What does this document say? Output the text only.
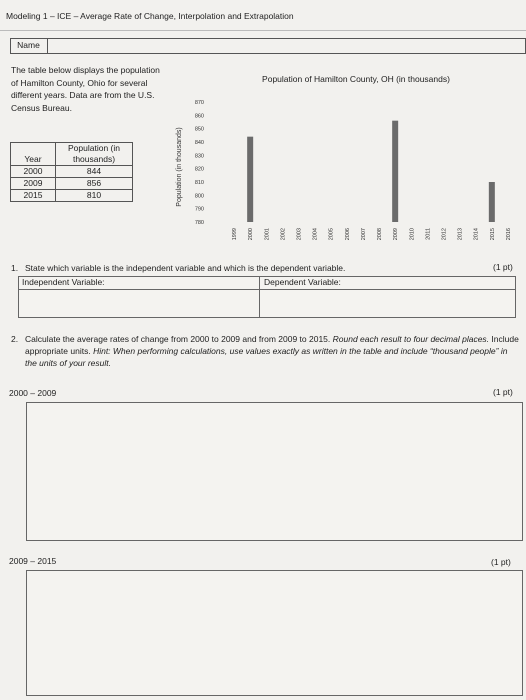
Modeling 1 – ICE – Average Rate of Change, Interpolation and Extrapolation
Name
The table below displays the population of Hamilton County, Ohio for several different years. Data are from the U.S. Census Bureau.
Year	Population (in thousands)
2000	844
2009	856
2015	810
Population of Hamilton County, OH (in thousands)
Population (in thousands)
870
860
850
840
830
820
810
800
790
780
1999 2000 2001 2002 2003 2004 2005 2006 2007 2008 2009 2010 2011 2012 2013 2014 2015 2016
1. State which variable is the independent variable and which is the dependent variable.	(1 pt)
Independent Variable:	Dependent Variable:
2. Calculate the average rates of change from 2000 to 2009 and from 2009 to 2015. Round each result to four decimal places. Include appropriate units. Hint: When performing calculations, use values exactly as written in the table and include “thousand people” in the units of your result.
2000 – 2009	(1 pt)
2009 – 2015	(1 pt)
